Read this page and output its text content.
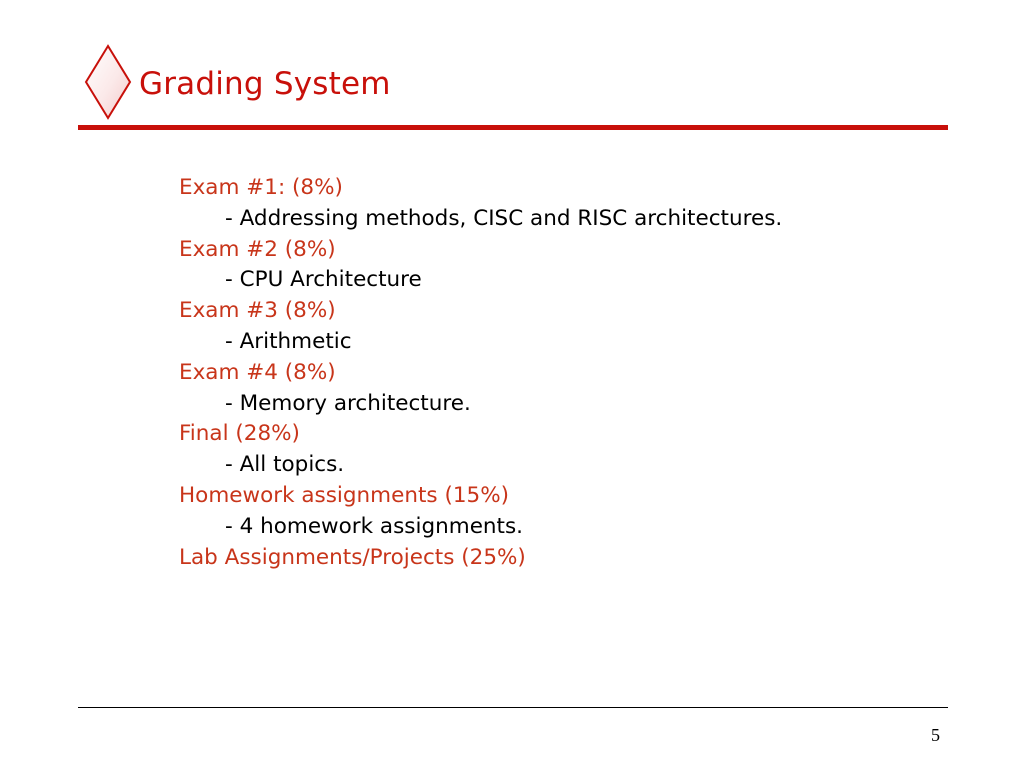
Grading System
Exam #1: (8%)
- Addressing methods, CISC and RISC architectures.
Exam #2 (8%)
- CPU Architecture
Exam #3 (8%)
- Arithmetic
Exam #4 (8%)
- Memory architecture.
Final (28%)
- All topics.
Homework assignments (15%)
- 4 homework assignments.
Lab Assignments/Projects (25%)
5
